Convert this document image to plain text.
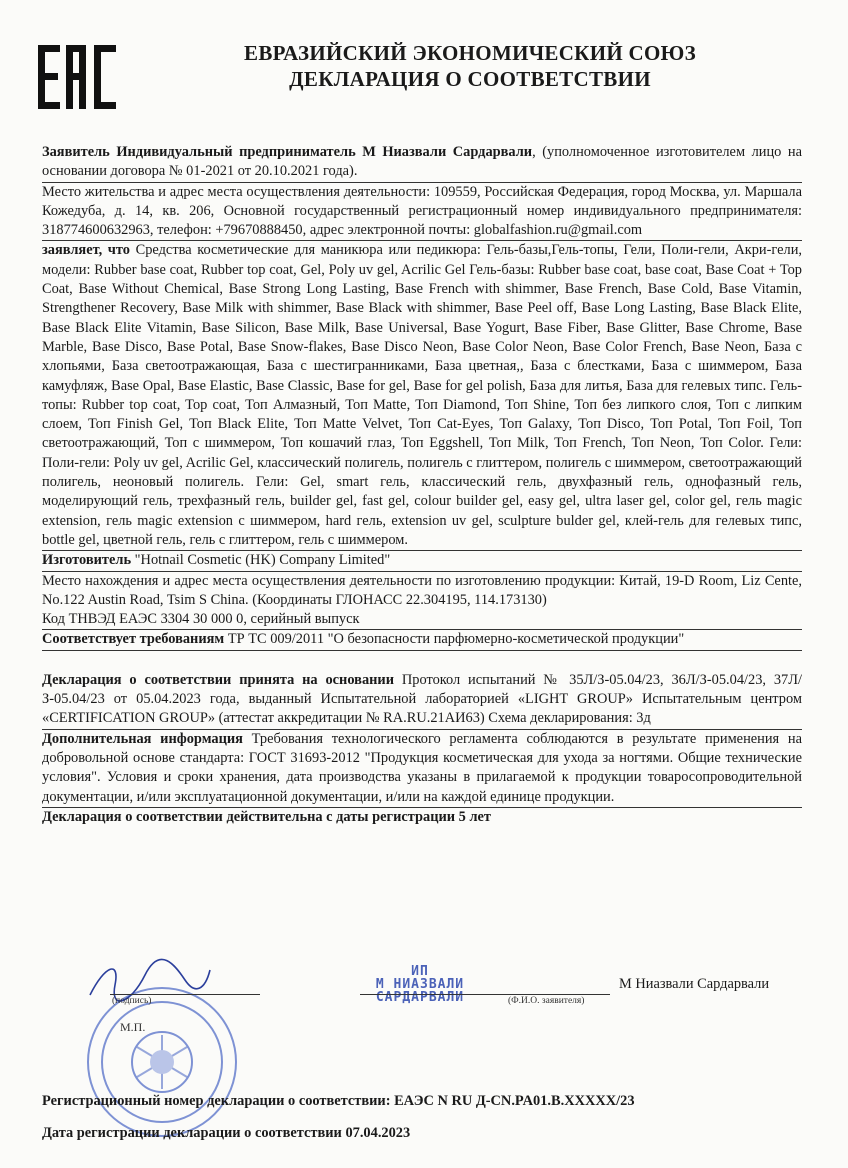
ЕВРАЗИЙСКИЙ ЭКОНОМИЧЕСКИЙ СОЮЗ
ДЕКЛАРАЦИЯ О СООТВЕТСТВИИ

Заявитель Индивидуальный предприниматель М Ниазвали Сардарвали, (уполномоченное изготовителем лицо на основании договора № 01-2021 от 20.10.2021 года).

Место жительства и адрес места осуществления деятельности: 109559, Российская Федерация, город Москва, ул. Маршала Кожедуба, д. 14, кв. 206, Основной государственный регистрационный номер индивидуального предпринимателя: 318774600632963, телефон: +79670888450, адрес электронной почты: globalfashion.ru@gmail.com

заявляет, что Средства косметические для маникюра или педикюра: Гель-базы,Гель-топы, Гели, Поли-гели, Акри-гели, модели: Rubber base coat, Rubber top coat, Gel, Poly uv gel, Acrilic Gel Гель-базы: Rubber base coat, base coat, Base Coat + Top Coat, Base Without Chemical, Base Strong Long Lasting, Base French with shimmer, Base French, Base Cold, Base Vitamin, Strengthener Recovery, Base Milk with shimmer, Base Black with shimmer, Base Peel off, Base Long Lasting, Base Black Elite, Base Black Elite Vitamin, Base Silicon, Base Milk, Base Universal, Base Yogurt, Base Fiber, Base Glitter, Base Chrome, Base Marble, Base Disco, Base Potal, Base Snow-flakes, Base Disco Neon, Base Color Neon, Base Color French, Base Neon, База с хлопьями, База светоотражающая, База с шестигранниками, База цветная,, База с блестками, База с шиммером, База камуфляж, Base Opal, Base Elastic, Base Classic, Base for gel, Base for gel polish, База для литья, База для гелевых типс. Гель-топы: Rubber top coat, Top coat, Топ Алмазный, Топ Matte, Топ Diamond, Топ Shine, Топ без липкого слоя, Топ с липким слоем, Топ Finish Gel, Топ Black Elite, Топ Matte Velvet, Топ Cat-Eyes, Топ Galaxy, Топ Disco, Топ Potal, Топ Foil, Топ светоотражающий, Топ с шиммером, Топ кошачий глаз, Топ Eggshell, Топ Milk, Топ French, Топ Neon, Топ Color. Гели: Поли-гели: Poly uv gel, Acrilic Gel, классический полигель, полигель с глиттером, полигель с шиммером, светоотражающий полигель, неоновый полигель. Гели: Gel, smart гель, классический гель, двухфазный гель, однофазный гель, моделирующий гель, трехфазный гель, builder gel, fast gel, colour builder gel, easy gel, ultra laser gel, color gel, гель magic extension, гель magic extension с шиммером, hard гель, extension uv gel, sculpture bulder gel, клей-гель для гелевых типс, bottle gel, цветной гель, гель с глиттером, гель с шиммером.

Изготовитель "Hotnail Cosmetic (HK) Company Limited"

Место нахождения и адрес места осуществления деятельности по изготовлению продукции: Китай, 19-D Room, Liz Cente, No.122 Austin Road, Tsim S China. (Координаты ГЛОНАСС 22.304195, 114.173130)

Код ТНВЭД ЕАЭС 3304 30 000 0, серийный выпуск

Соответствует требованиям ТР ТС 009/2011 "О безопасности парфюмерно-косметической продукции"

Декларация о соответствии принята на основании Протокол испытаний № 35Л/З-05.04/23, 36Л/З-05.04/23, 37Л/З-05.04/23 от 05.04.2023 года, выданный Испытательной лабораторией «LIGHT GROUP» Испытательным центром «CERTIFICATION GROUP» (аттестат аккредитации № RA.RU.21АИ63) Схема декларирования: 3д

Дополнительная информация Требования технологического регламента соблюдаются в результате применения на добровольной основе стандарта: ГОСТ 31693-2012 "Продукция косметическая для ухода за ногтями. Общие технические условия". Условия и сроки хранения, дата производства указаны в прилагаемой к продукции товаросопроводительной документации, и/или эксплуатационной документации, и/или на каждой единице продукции.

Декларация о соответствии действительна с даты регистрации 5 лет

(подпись)
М.П.
ИП
М НИАЗВАЛИ
САРДАРВАЛИ	(Ф.И.О. заявителя)
М Ниазвали Сардарвали
Регистрационный номер декларации о соответствии: ЕАЭС N RU Д-CN.PA01.B.XXXXX/23
Дата регистрации декларации о соответствии 07.04.2023
